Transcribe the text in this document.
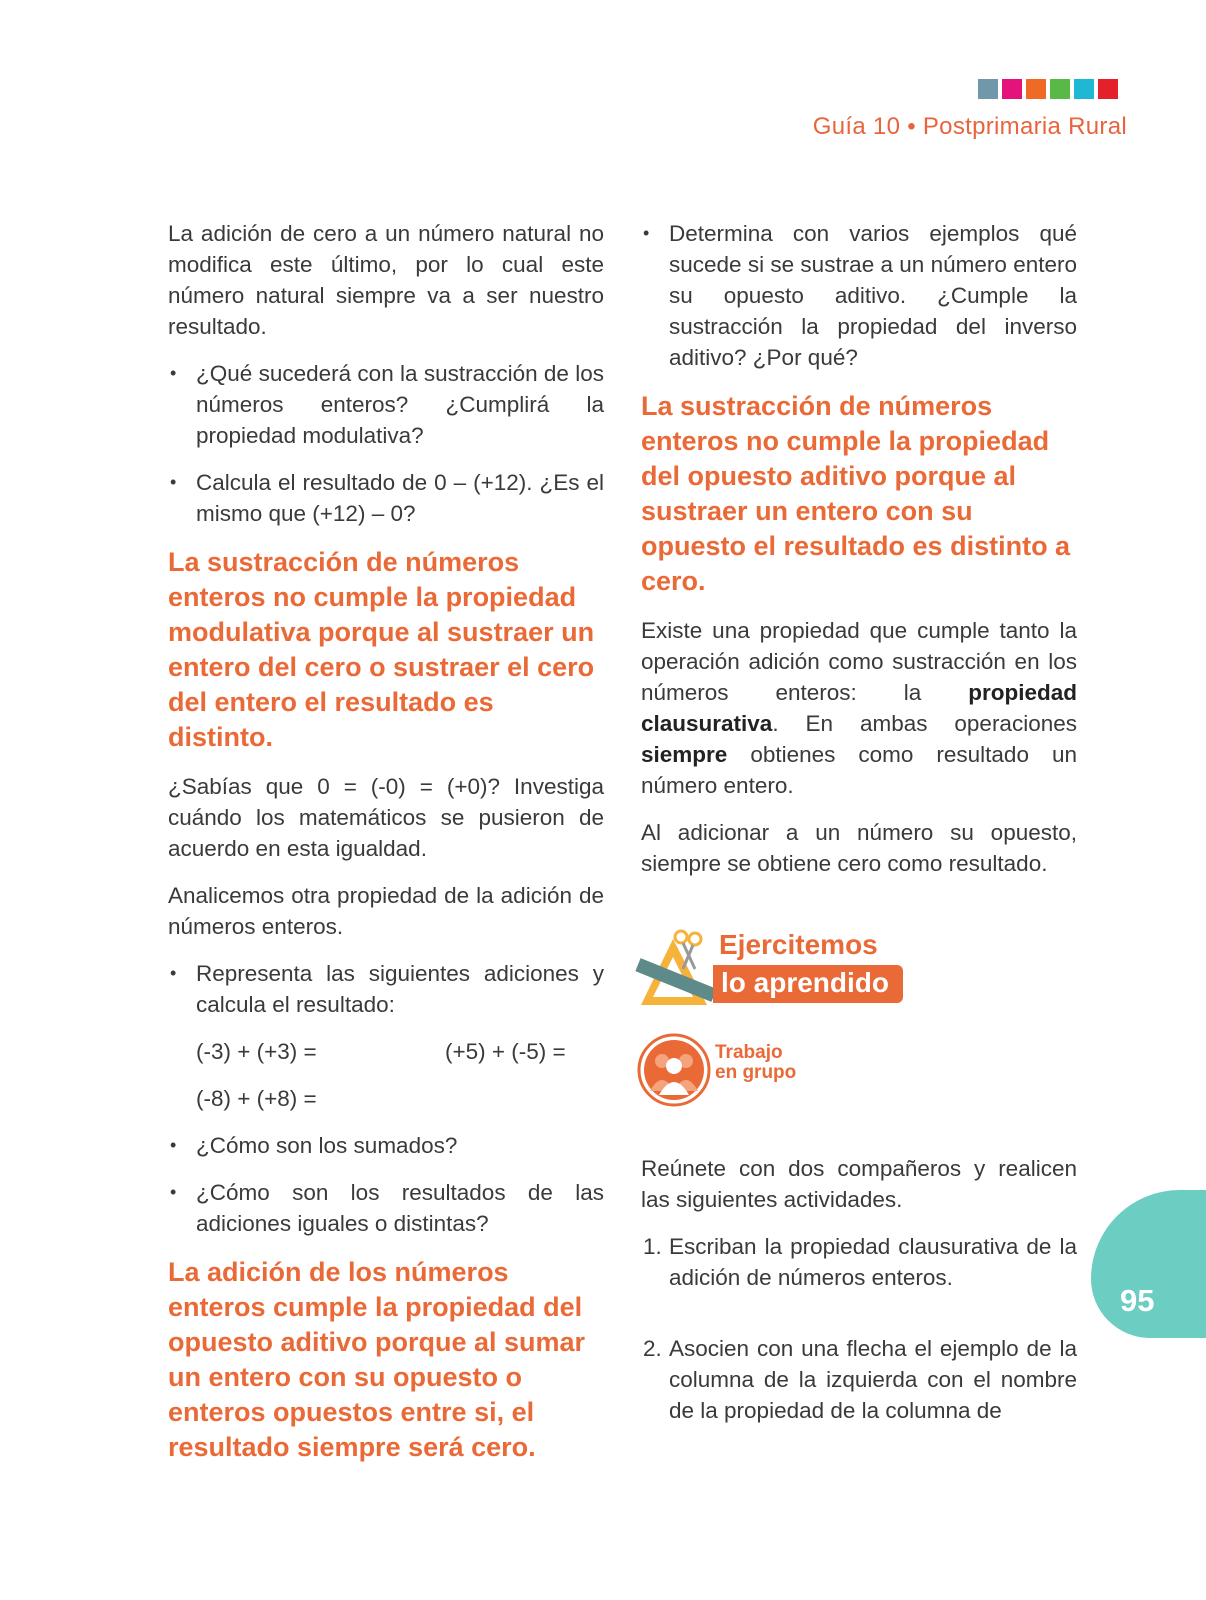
Guía 10 • Postprimaria Rural

La adición de cero a un número natural no modifica este último, por lo cual este número natural siempre va a ser nuestro resultado.

• ¿Qué sucederá con la sustracción de los números enteros? ¿Cumplirá la propiedad modulativa?
• Calcula el resultado de 0 – (+12). ¿Es el mismo que (+12) – 0?

La sustracción de números enteros no cumple la propiedad modulativa porque al sustraer un entero del cero o sustraer el cero del entero el resultado es distinto.

¿Sabías que 0 = (-0) = (+0)? Investiga cuándo los matemáticos se pusieron de acuerdo en esta igualdad.

Analicemos otra propiedad de la adición de números enteros.

• Representa las siguientes adiciones y calcula el resultado:
(-3) + (+3) =	(+5) + (-5) =
(-8) + (+8) =
• ¿Cómo son los sumados?
• ¿Cómo son los resultados de las adiciones iguales o distintas?

La adición de los números enteros cumple la propiedad del opuesto aditivo porque al sumar un entero con su opuesto o enteros opuestos entre si, el resultado siempre será cero.

• Determina con varios ejemplos qué sucede si se sustrae a un número entero su opuesto aditivo. ¿Cumple la sustracción la propiedad del inverso aditivo? ¿Por qué?

La sustracción de números enteros no cumple la propiedad del opuesto aditivo porque al sustraer un entero con su opuesto el resultado es distinto a cero.

Existe una propiedad que cumple tanto la operación adición como sustracción en los números enteros: la propiedad clausurativa. En ambas operaciones siempre obtienes como resultado un número entero.

Al adicionar a un número su opuesto, siempre se obtiene cero como resultado.

Ejercitemos
lo aprendido
Trabajo
en grupo

Reúnete con dos compañeros y realicen las siguientes actividades.

1. Escriban la propiedad clausurativa de la adición de números enteros.
2. Asocien con una flecha el ejemplo de la columna de la izquierda con el nombre de la propiedad de la columna de
95
